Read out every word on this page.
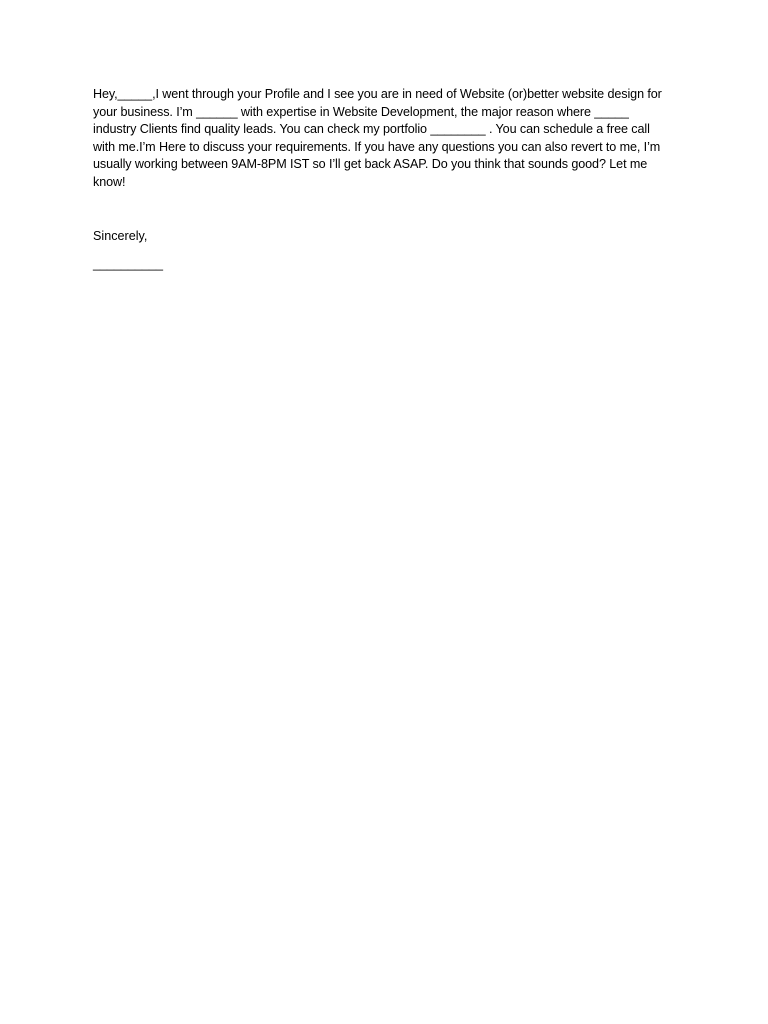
Hey,_____,I went through your Profile and I see you are in need of Website (or)better website design for your business. I’m ______ with expertise in Website Development, the major reason where _____ industry Clients find quality leads. You can check my portfolio ________ . You can schedule a free call with me.I’m Here to discuss your requirements. If you have any questions you can also revert to me, I’m usually working between 9AM-8PM IST so I’ll get back ASAP. Do you think that sounds good? Let me know!

Sincerely,

__________
